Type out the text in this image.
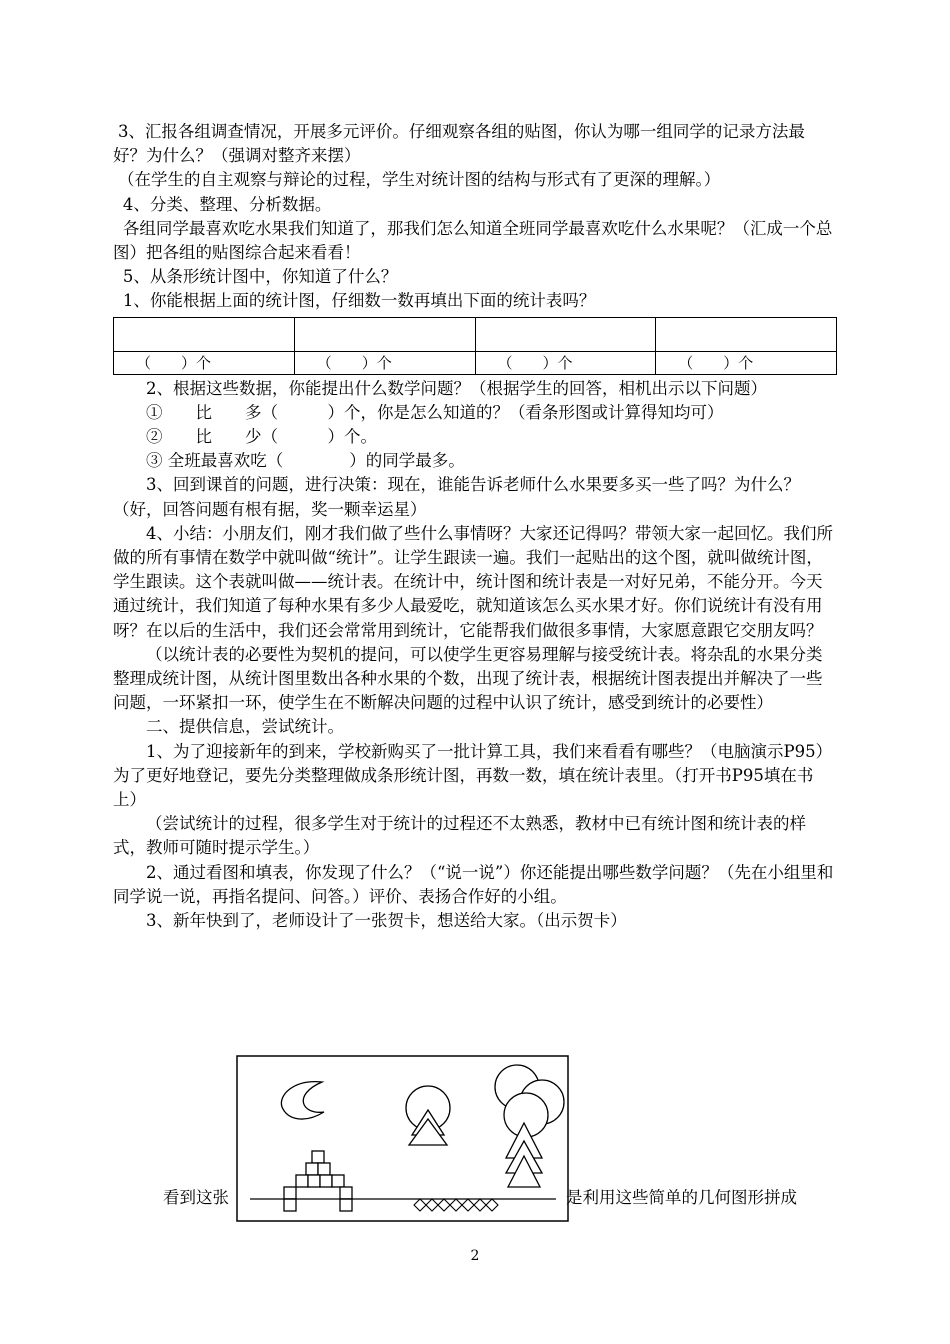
3、汇报各组调查情况，开展多元评价。仔细观察各组的贴图，你认为哪一组同学的记录方法最好？为什么？（强调对整齐来摆）

（在学生的自主观察与辩论的过程，学生对统计图的结构与形式有了更深的理解。）

4、分类、整理、分析数据。

各组同学最喜欢吃水果我们知道了，那我们怎么知道全班同学最喜欢吃什么水果呢？（汇成一个总图）把各组的贴图综合起来看看！

5、从条形统计图中，你知道了什么？

1、你能根据上面的统计图，仔细数一数再填出下面的统计表吗？

（　　）个	（　　）个	（　　）个	（　　）个

2、根据这些数据，你能提出什么数学问题？（根据学生的回答，相机出示以下问题）

①　　比　　多（　　　）个，你是怎么知道的？（看条形图或计算得知均可）

②　　比　　少（　　　）个。

③ 全班最喜欢吃（　　　　）的同学最多。

3、回到课首的问题，进行决策：现在，谁能告诉老师什么水果要多买一些了吗？为什么？（好，回答问题有根有据，奖一颗幸运星）

4、小结：小朋友们，刚才我们做了些什么事情呀？大家还记得吗？带领大家一起回忆。我们所做的所有事情在数学中就叫做“统计”。让学生跟读一遍。我们一起贴出的这个图，就叫做统计图，学生跟读。这个表就叫做——统计表。在统计中，统计图和统计表是一对好兄弟，不能分开。今天通过统计，我们知道了每种水果有多少人最爱吃，就知道该怎么买水果才好。你们说统计有没有用呀？在以后的生活中，我们还会常常用到统计，它能帮我们做很多事情，大家愿意跟它交朋友吗？

（以统计表的必要性为契机的提问，可以使学生更容易理解与接受统计表。将杂乱的水果分类整理成统计图，从统计图里数出各种水果的个数，出现了统计表，根据统计图表提出并解决了一些问题，一环紧扣一环，使学生在不断解决问题的过程中认识了统计，感受到统计的必要性）

二、提供信息，尝试统计。

1、为了迎接新年的到来，学校新购买了一批计算工具，我们来看看有哪些？（电脑演示P95）为了更好地登记，要先分类整理做成条形统计图，再数一数，填在统计表里。（打开书P95填在书上）

（尝试统计的过程，很多学生对于统计的过程还不太熟悉，教材中已有统计图和统计表的样式，教师可随时提示学生。）

2、通过看图和填表，你发现了什么？（“说一说”）你还能提出哪些数学问题？（先在小组里和同学说一说，再指名提问、问答。）评价、表扬合作好的小组。

3、新年快到了，老师设计了一张贺卡，想送给大家。（出示贺卡）

看到这张	是利用这些简单的几何图形拼成
2
